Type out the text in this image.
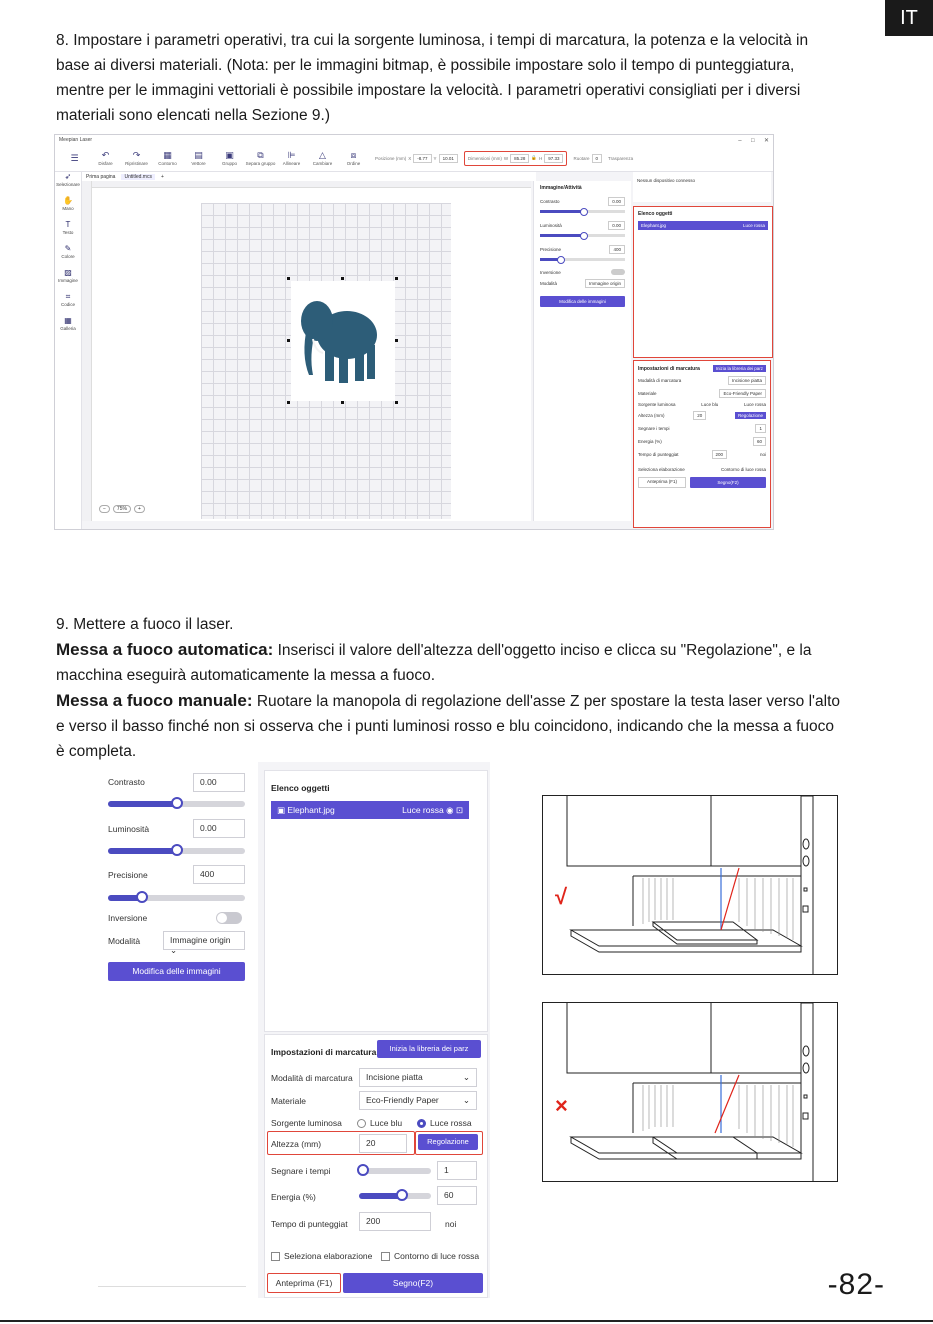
IT
8. Impostare i parametri operativi, tra cui la sorgente luminosa, i tempi di marcatura, la potenza e la velocità in
base ai diversi materiali. (Nota: per le immagini bitmap, è possibile impostare solo il tempo di punteggiatura,
mentre per le immagini vettoriali è possibile impostare la velocità. I parametri operativi consigliati per i diversi
materiali sono elencati nella Sezione 9.)
Meepian Laser	– □ ✕
☰	↶
Disfare
↷
Ripristinare
▦
Contorno
▤
Vettore
▣
Gruppo
⧉
Separa gruppo
⊫
Allineare
△
Cambiare
⧈
Ordine
Posizione (mm) X	-8.77	Y	10.01	Dimensioni (mm) W	85.28	🔒 H	97.33	Ruotare	0	Trasparenza
➶
Selezionare
✋
Mano
T
Testo
✎
Colore
▨
Immagine
⌗
Codice
▦
Galleria
Prima pagina	Untitled.mcs	+
−	75%	+
Immagine/Attività
Contrasto	0.00
Luminosità	0.00
Precisione	400
Inversione
Modalità	Immagine origin
Modifica delle immagini
Nessun dispositivo connesso
Elenco oggetti
Elephant.jpg	Luce rossa
Impostazioni di marcatura	Inizia la libreria dei parz
Modalità di marcatura	Incisione piatta
Materiale	Eco-Friendly Paper
Sorgente luminosa	Luce blu	Luce rossa
Altezza (mm)	20	Regolazione
Segnare i tempi	1
Energia (%)	60
Tempo di punteggiat	200	noi
Seleziona elaborazione	Contorno di luce rossa
Anteprima (F1)	Segno(F2)
9. Mettere a fuoco il laser.
Messa a fuoco automatica: Inserisci il valore dell'altezza dell'oggetto inciso e clicca su "Regolazione", e la
macchina eseguirà automaticamente la messa a fuoco.
Messa a fuoco manuale: Ruotare la manopola di regolazione dell'asse Z per spostare la testa laser verso l'alto
e verso il basso finché non si osserva che i punti luminosi rosso e blu coincidono, indicando che la messa a fuoco
è completa.
Contrasto	0.00
Luminosità	0.00
Precisione	400
Inversione
Modalità	Immagine origin ⌄
Modifica delle immagini
Elenco oggetti
▣ Elephant.jpg	Luce rossa ◉ ⊡
Impostazioni di marcatura	Inizia la libreria dei parz
Modalità di marcatura	Incisione piatta	⌄
Materiale	Eco-Friendly Paper	⌄
Sorgente luminosa	Luce blu	Luce rossa
Altezza (mm)	20	Regolazione
Segnare i tempi	1
Energia (%)	60
Tempo di punteggiat	200	noi
Seleziona elaborazione	Contorno di luce rossa
Anteprima (F1)	Segno(F2)
√
×
-82-
